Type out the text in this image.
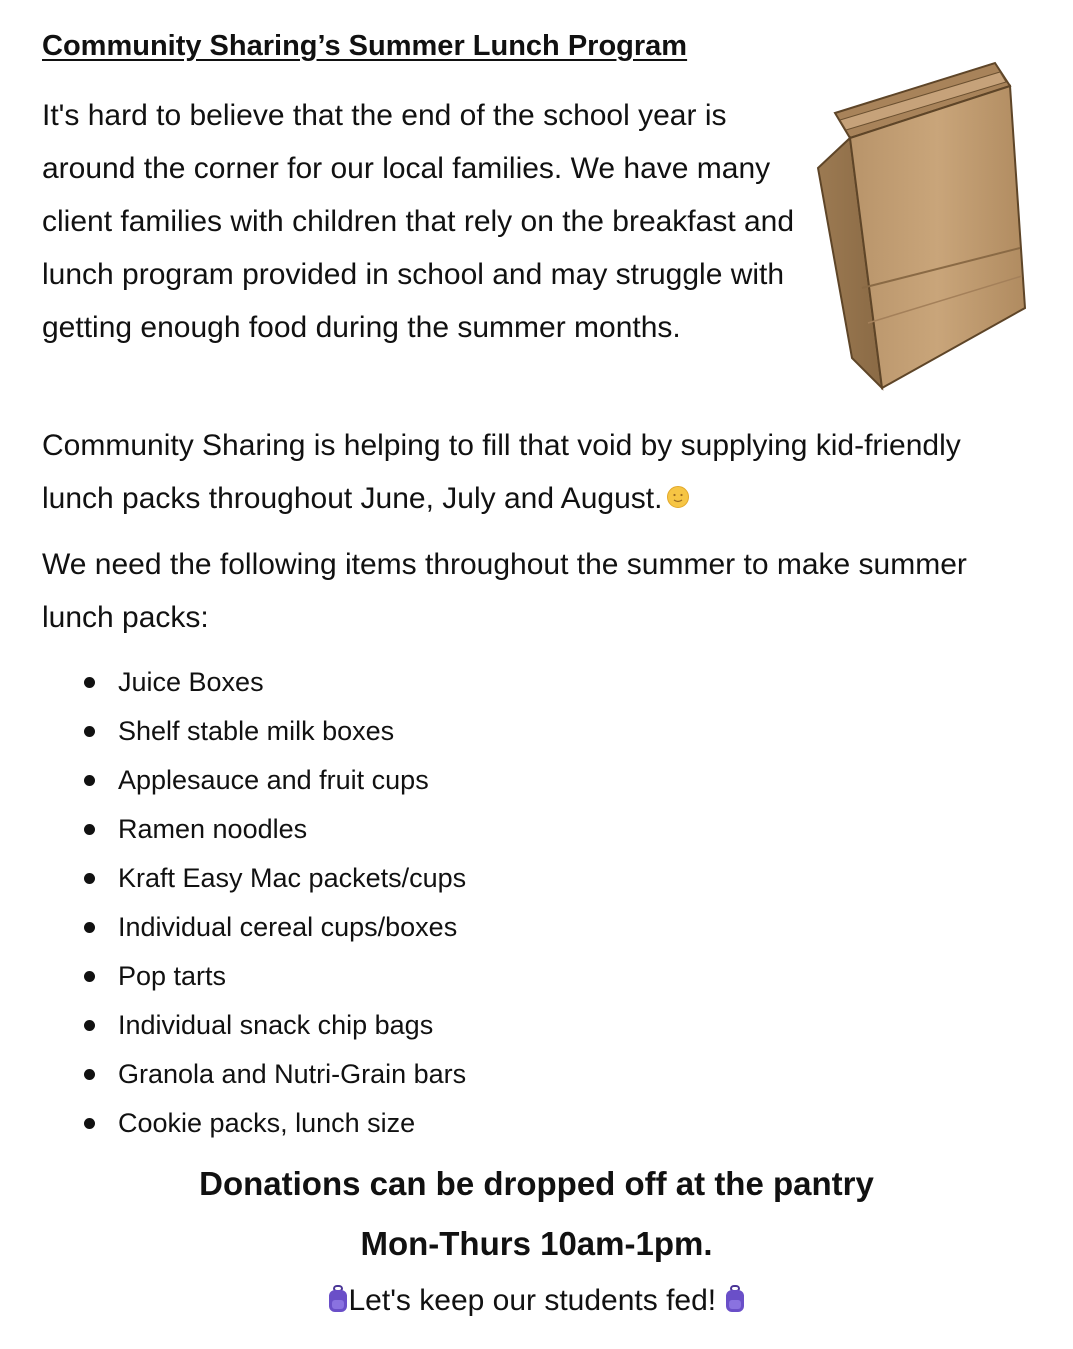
Community Sharing’s Summer Lunch Program

It's hard to believe that the end of the school year is around the corner for our local families. We have many client families with children that rely on the breakfast and lunch program provided in school and may struggle with getting enough food during the summer months.

Community Sharing is helping to fill that void by supplying kid-friendly lunch packs throughout June, July and August.

We need the following items throughout the summer to make summer lunch packs:

Juice Boxes
Shelf stable milk boxes
Applesauce and fruit cups
Ramen noodles
Kraft Easy Mac packets/cups
Individual cereal cups/boxes
Pop tarts
Individual snack chip bags
Granola and Nutri-Grain bars
Cookie packs, lunch size

Donations can be dropped off at the pantry

Mon-Thurs 10am-1pm.

Let's keep our students fed!
